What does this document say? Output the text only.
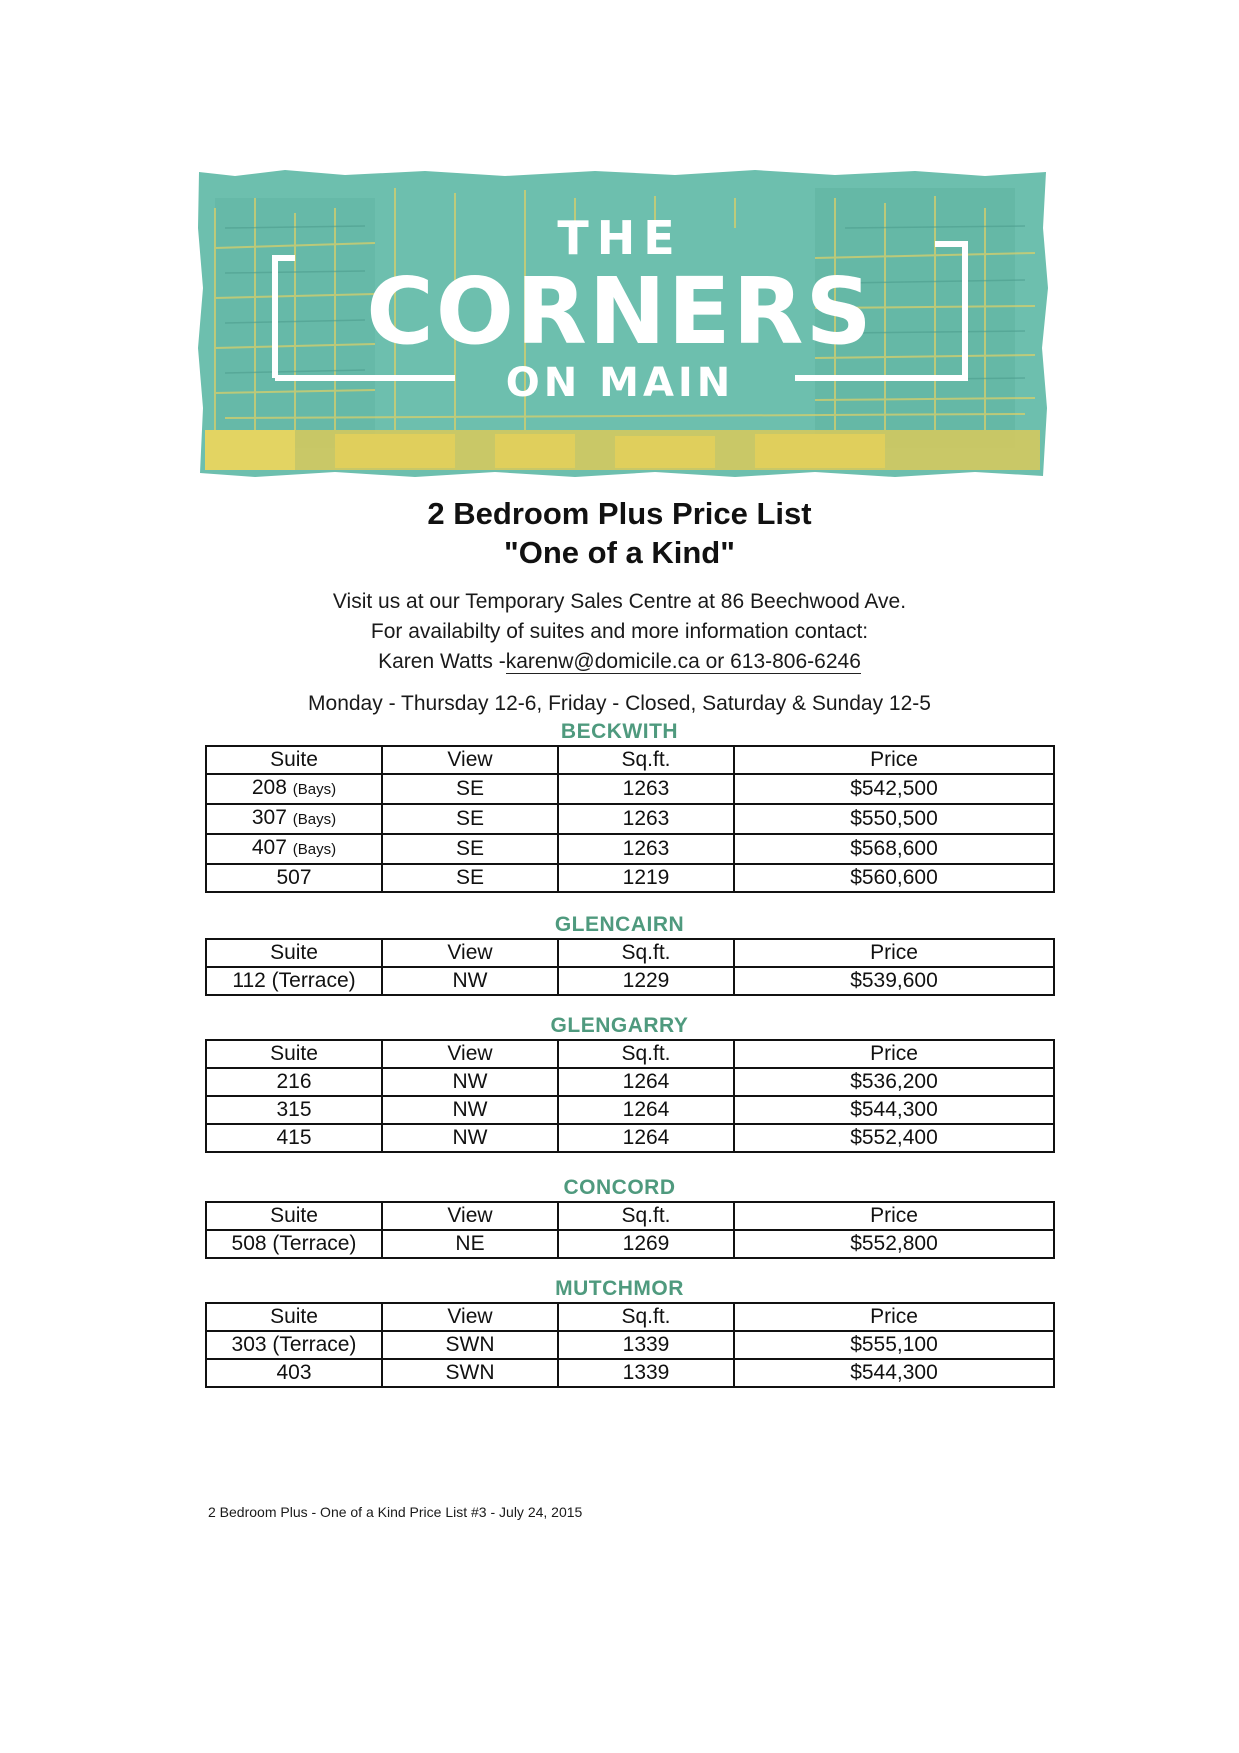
THE
CORNERS
ON MAIN
2 Bedroom Plus Price List
"One of a Kind"
Visit us at our Temporary Sales Centre at 86 Beechwood Ave.
For availabilty of suites and more information contact:
Karen Watts -karenw@domicile.ca or 613-806-6246
Monday - Thursday 12-6, Friday - Closed, Saturday & Sunday 12-5
BECKWITH
Suite	View	Sq.ft.	Price
208 (Bays)	SE	1263	$542,500
307 (Bays)	SE	1263	$550,500
407 (Bays)	SE	1263	$568,600
507	SE	1219	$560,600
GLENCAIRN
Suite	View	Sq.ft.	Price
112 (Terrace)	NW	1229	$539,600
GLENGARRY
Suite	View	Sq.ft.	Price
216	NW	1264	$536,200
315	NW	1264	$544,300
415	NW	1264	$552,400
CONCORD
Suite	View	Sq.ft.	Price
508 (Terrace)	NE	1269	$552,800
MUTCHMOR
Suite	View	Sq.ft.	Price
303 (Terrace)	SWN	1339	$555,100
403	SWN	1339	$544,300
2 Bedroom Plus - One of a Kind Price List #3 - July 24, 2015
